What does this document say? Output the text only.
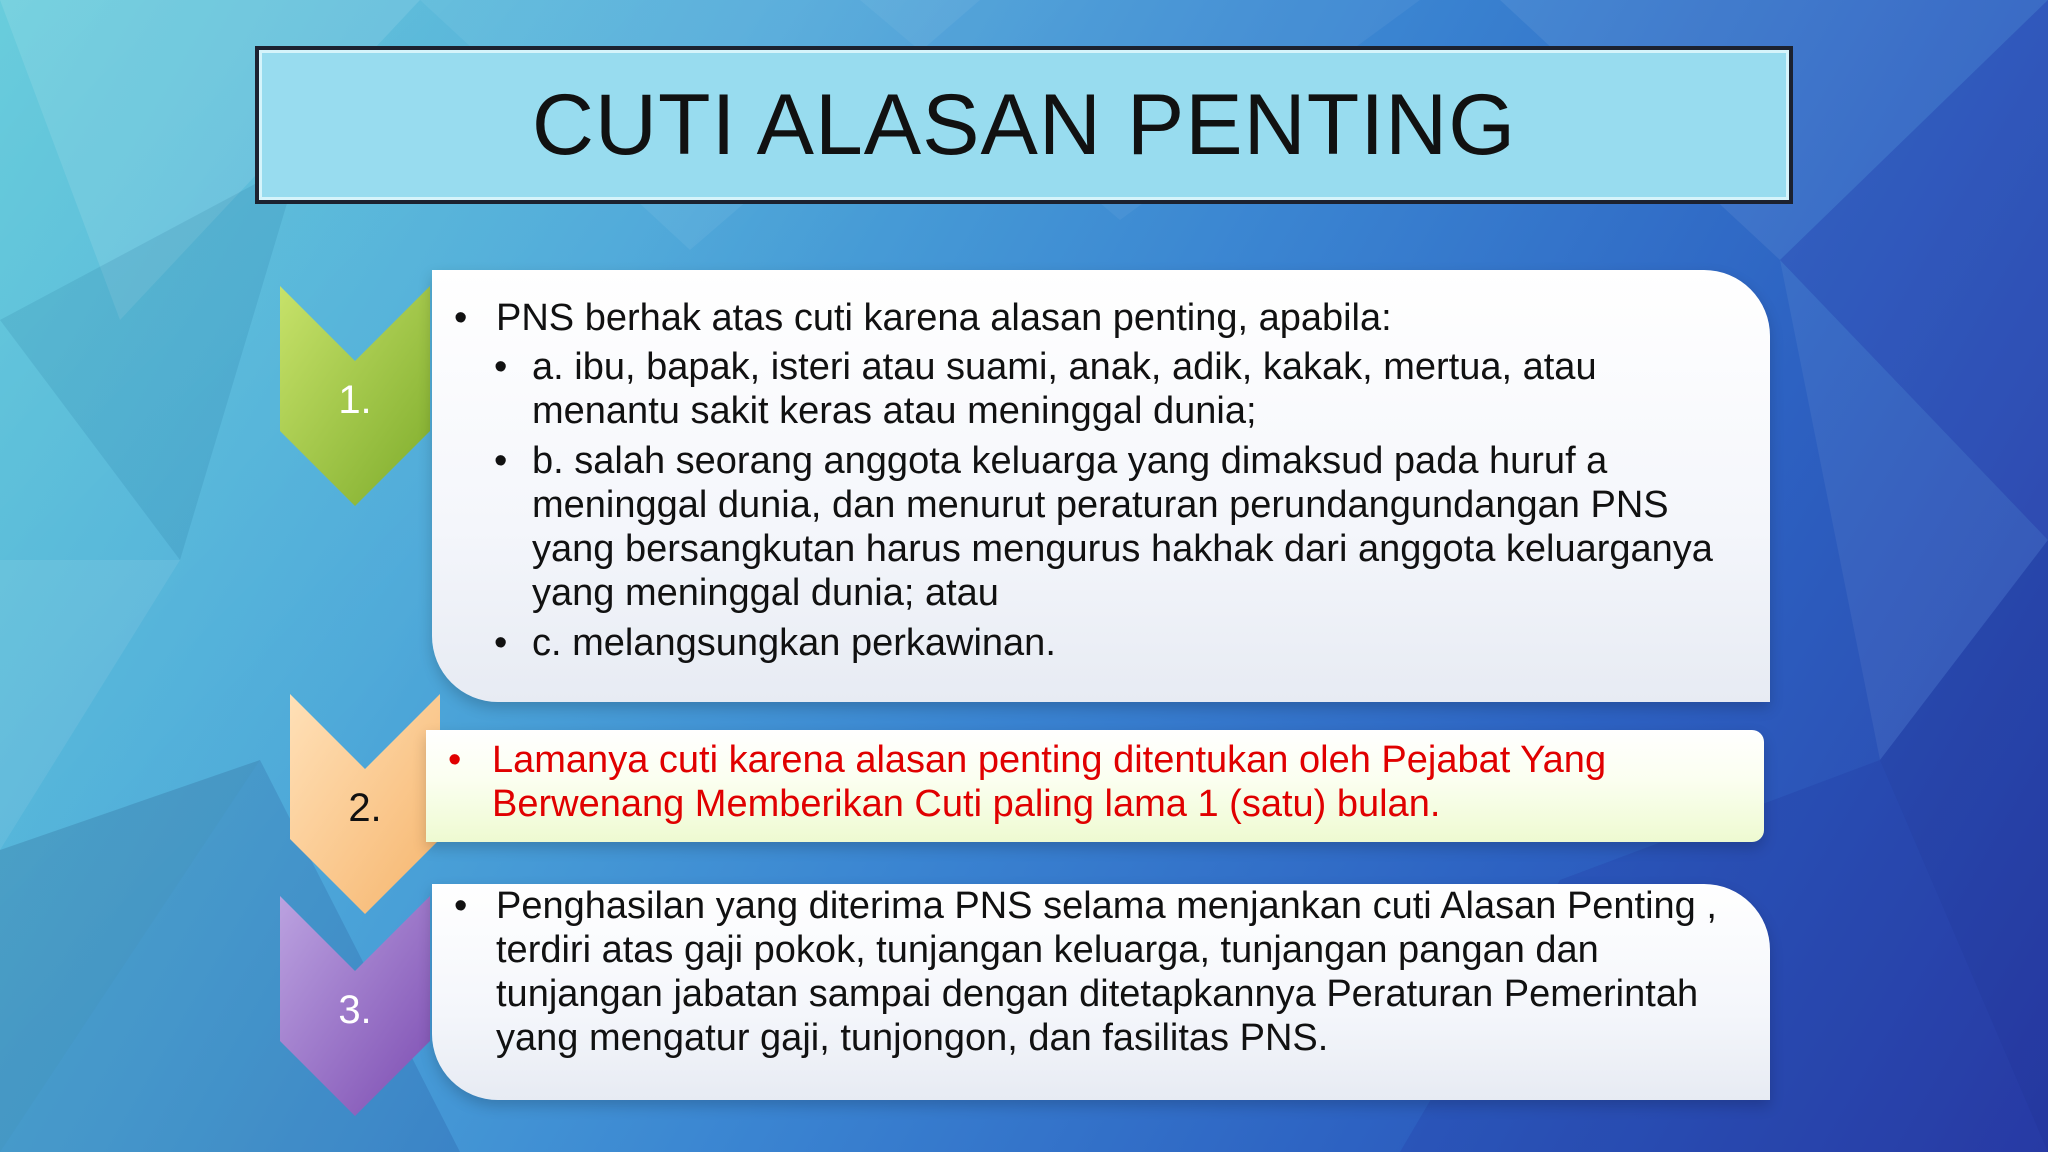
CUTI ALASAN PENTING
1.
2.
3.
• PNS berhak atas cuti karena alasan penting, apabila:
• a. ibu, bapak, isteri atau suami, anak, adik, kakak, mertua, atau menantu sakit keras atau meninggal dunia;
• b. salah seorang anggota keluarga yang dimaksud pada huruf a meninggal dunia, dan menurut peraturan perundangundangan PNS yang bersangkutan harus mengurus hakhak dari anggota keluarganya yang meninggal dunia; atau
• c. melangsungkan perkawinan.
• Lamanya cuti karena alasan penting ditentukan oleh Pejabat Yang Berwenang Memberikan Cuti paling lama 1 (satu) bulan.
• Penghasilan yang diterima PNS selama menjankan cuti Alasan Penting , terdiri atas gaji pokok, tunjangan keluarga, tunjangan pangan dan tunjangan jabatan sampai dengan ditetapkannya Peraturan Pemerintah yang mengatur gaji, tunjongon, dan fasilitas PNS.
